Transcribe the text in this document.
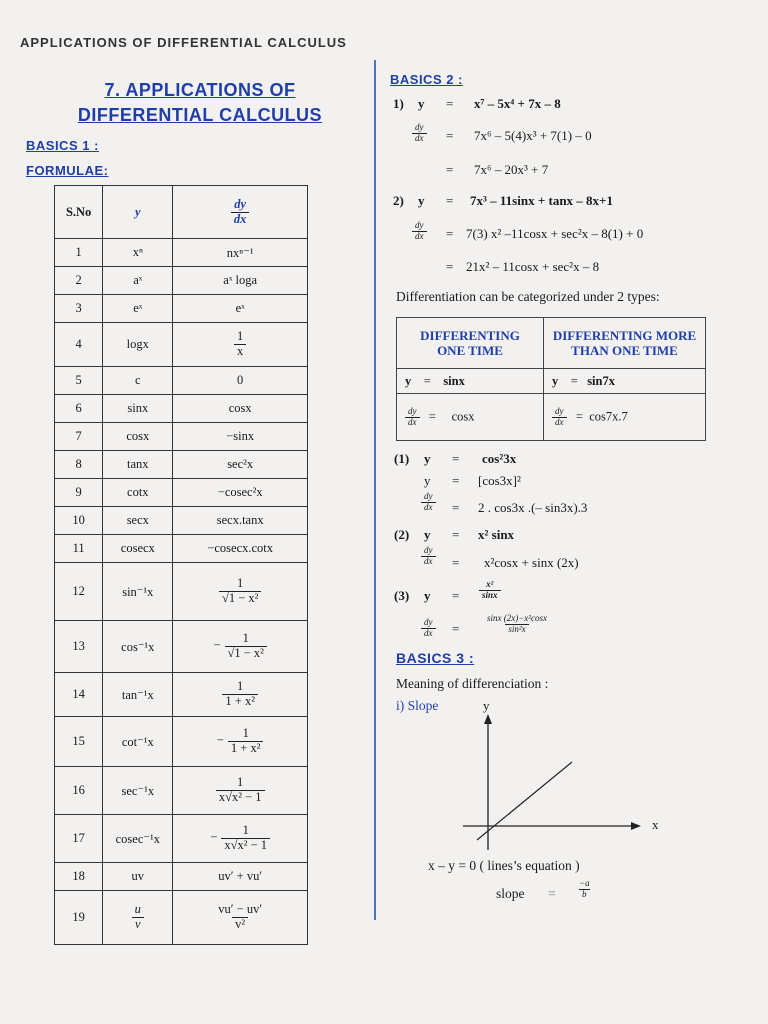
APPLICATIONS OF DIFFERENTIAL CALCULUS
7. APPLICATIONS OF
DIFFERENTIAL CALCULUS
BASICS 1 :
FORMULAE:
S.No	y	$\frac{dy}{dx}$

1	xⁿ	nxⁿ⁻¹
2	aˣ	aˣ loga
3	eˣ	eˣ
4	logx	$\frac{1}{x}$

5	c	0
6	sinx	cosx
7	cosx	−sinx
8	tanx	sec²x
9	cotx	−cosec²x
10	secx	secx.tanx
11	cosecx	−cosecx.cotx
12	sin⁻¹x	$\frac{1}{\text{√1 − x²}}$

13	cos⁻¹x	− $\frac{1}{\text{√1 − x²}}$

14	tan⁻¹x	$\frac{1}{\text{1 + x²}}$

15	cot⁻¹x	− $\frac{1}{\text{1 + x²}}$

16	sec⁻¹x	$\frac{1}{\text{x√x² − 1}}$

17	cosec⁻¹x	− $\frac{1}{\text{x√x² − 1}}$

18	uv	uv′ + vu′
19	$\frac{u}{v}$	$\frac{vu' - uv'}{\text{v²}}$
BASICS 2 :
1) y = x⁷ – 5x⁴ + 7x – 8
$\frac{dy}{dx} = 7x^6 - 5(4)x^3 + 7(1) - 0$
= 7x⁶ – 20x³ + 7
2) y = 7x³ – 11sinx + tanx – 8x+1
$\frac{dy}{dx} = 7(3)$ x² –11cosx + sec²x – 8(1) + 0
= 21x² – 11cosx + sec²x – 8
Differentiation can be categorized under 2 types:
DIFFERENTING ONE TIME	DIFFERENTING MORE THAN ONE TIME
y = sinx	y = sin7x

$\frac{dy}{dx}$ =     cosx	$\frac{dy}{dx} = \cos 7x.7$
(1) y = cos²3x
y = [cos3x]²
$\frac{dy}{dx} = 2$ . cos3x .(– sin3x).3
(2) y = x² sinx
$\frac{dy}{dx} = x^2\cos x + \sin x$ (2x)
(3) $y = \frac{\text{x²}}{\sin x}$
$\frac{dy}{dx}$ =	$\frac{\text{sinx (2x)−x²cosx}}{\text{sin²x}}$
BASICS 3 :
Meaning of differenciation :
i) Slope	y
x
x – y = 0 ( lines’s equation )
slope = $\frac{-a}{b}$
